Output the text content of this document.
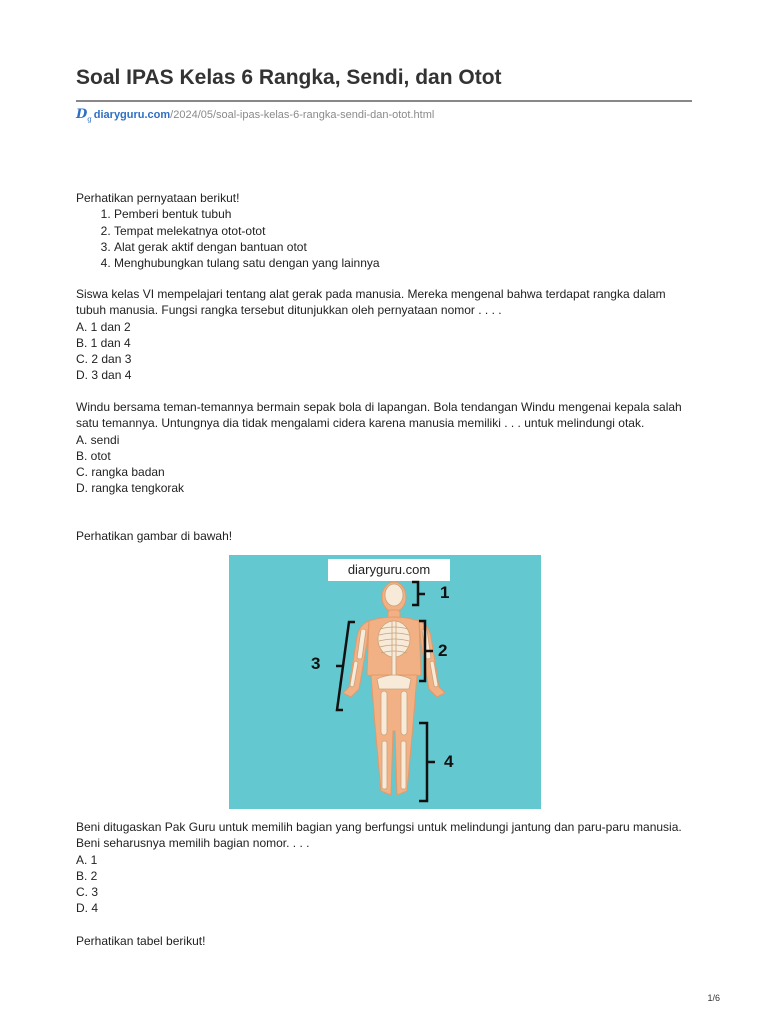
Soal IPAS Kelas 6 Rangka, Sendi, dan Otot
$D_g$ diaryguru.com/2024/05/soal-ipas-kelas-6-rangka-sendi-dan-otot.html

Perhatikan pernyataan berikut!

1. Pemberi bentuk tubuh
2. Tempat melekatnya otot-otot
3. Alat gerak aktif dengan bantuan otot
4. Menghubungkan tulang satu dengan yang lainnya

Siswa kelas VI mempelajari tentang alat gerak pada manusia. Mereka mengenal bahwa terdapat rangka dalam tubuh manusia. Fungsi rangka tersebut ditunjukkan oleh pernyataan nomor . . . .

A. 1 dan 2

B. 1 dan 4

C. 2 dan 3

D. 3 dan 4

Windu bersama teman-temannya bermain sepak bola di lapangan. Bola tendangan Windu mengenai kepala salah satu temannya. Untungnya dia tidak mengalami cidera karena manusia memiliki . . . untuk melindungi otak.

A. sendi

B. otot

C. rangka badan

D. rangka tengkorak

Perhatikan gambar di bawah!

diaryguru.com
1
2
3
4

Beni ditugaskan Pak Guru untuk memilih bagian yang berfungsi untuk melindungi jantung dan paru-paru manusia. Beni seharusnya memilih bagian nomor. . . .

A. 1

B. 2

C. 3

D. 4

Perhatikan tabel berikut!

1/6
